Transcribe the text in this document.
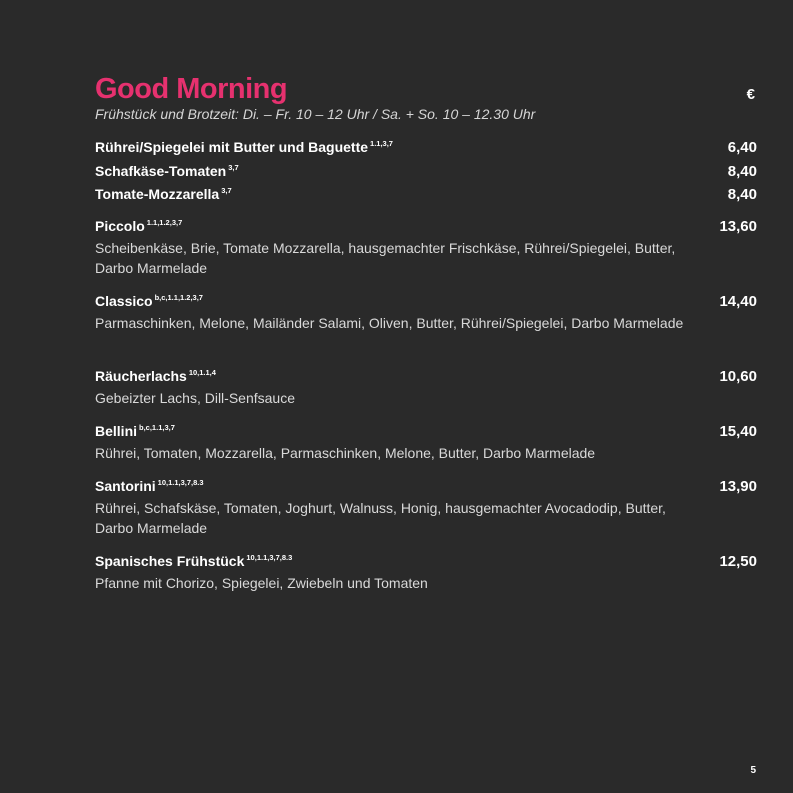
Good Morning
Frühstück und Brotzeit: Di. – Fr. 10 – 12 Uhr / Sa. + So. 10 – 12.30 Uhr
€
Rührei/Spiegelei mit Butter und Baguette $^{1.1,3,7}$	6,40
Schafkäse-Tomaten $^{3,7}$	8,40
Tomate-Mozzarella $^{3,7}$	8,40
Piccolo $^{1.1,1.2,3,7}$	13,60
Scheibenkäse, Brie, Tomate Mozzarella, hausgemachter Frischkäse, Rührei/Spiegelei, Butter, Darbo Marmelade
Classico $^{b,c,1.1,1.2,3,7}$	14,40
Parmaschinken, Melone, Mailänder Salami, Oliven, Butter, Rührei/Spiegelei, Darbo Marmelade
Räucherlachs $^{10,1.1,4}$	10,60
Gebeizter Lachs, Dill-Senfsauce
Bellini $^{b,c,1.1,3,7}$	15,40
Rührei, Tomaten, Mozzarella, Parmaschinken, Melone, Butter, Darbo Marmelade
Santorini $^{10,1.1,3,7,8.3}$	13,90
Rührei, Schafskäse, Tomaten, Joghurt, Walnuss, Honig, hausgemachter Avocadodip, Butter, Darbo Marmelade
Spanisches Frühstück $^{10,1.1,3,7,8.3}$	12,50
Pfanne mit Chorizo, Spiegelei, Zwiebeln und Tomaten
5
